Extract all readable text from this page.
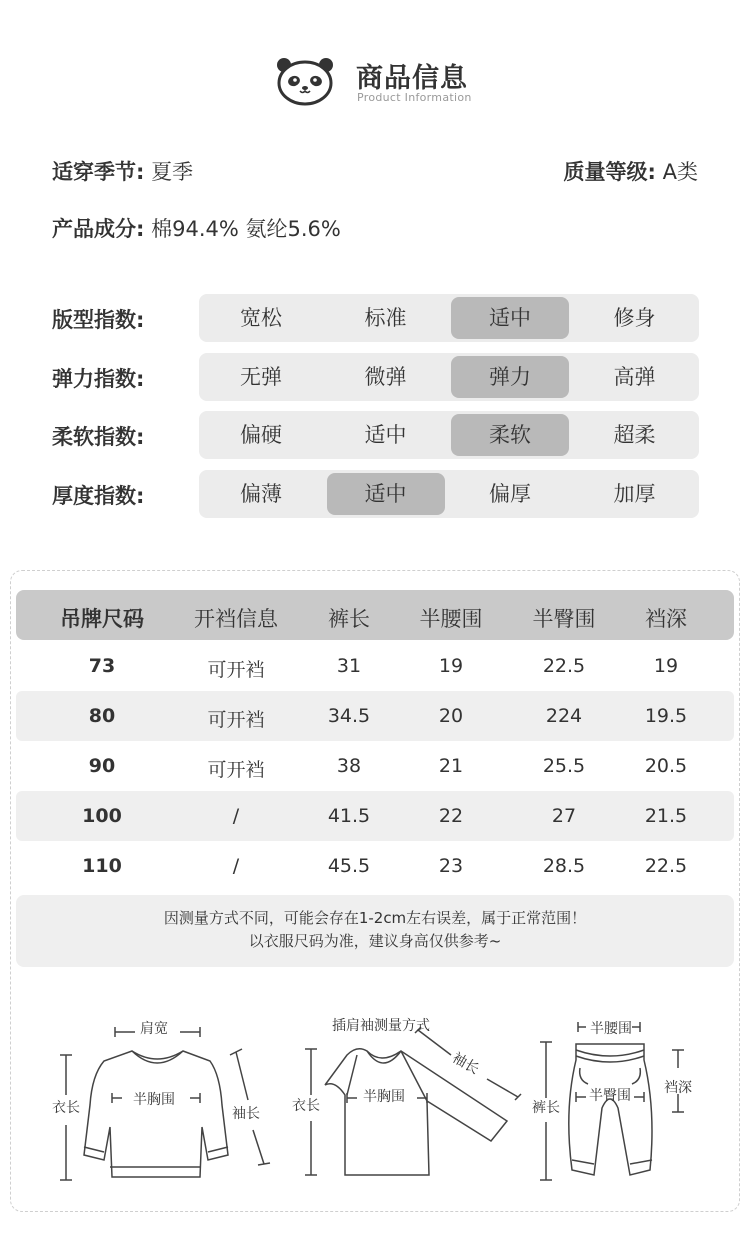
商品信息
Product Information
适穿季节: 夏季	质量等级: A类
产品成分: 棉94.4% 氨纶5.6%
版型指数:	宽松	标准	适中	修身
弹力指数:	无弹	微弹	弹力	高弹
柔软指数:	偏硬	适中	柔软	超柔
厚度指数:	偏薄	适中	偏厚	加厚
吊牌尺码	开裆信息	裤长	半腰围	半臀围	裆深
73	可开裆	31	19	22.5	19
80	可开裆	34.5	20	224	19.5
90	可开裆	38	21	25.5	20.5
100	/	41.5	22	27	21.5
110	/	45.5	23	28.5	22.5
因测量方式不同，可能会存在1-2cm左右误差，属于正常范围！
以衣服尺码为准，建议身高仅供参考~
肩宽
半胸围
衣长	袖长
插肩袖测量方式
半胸围
衣长
袖长
半腰围
半臀围
裤长
裆深
